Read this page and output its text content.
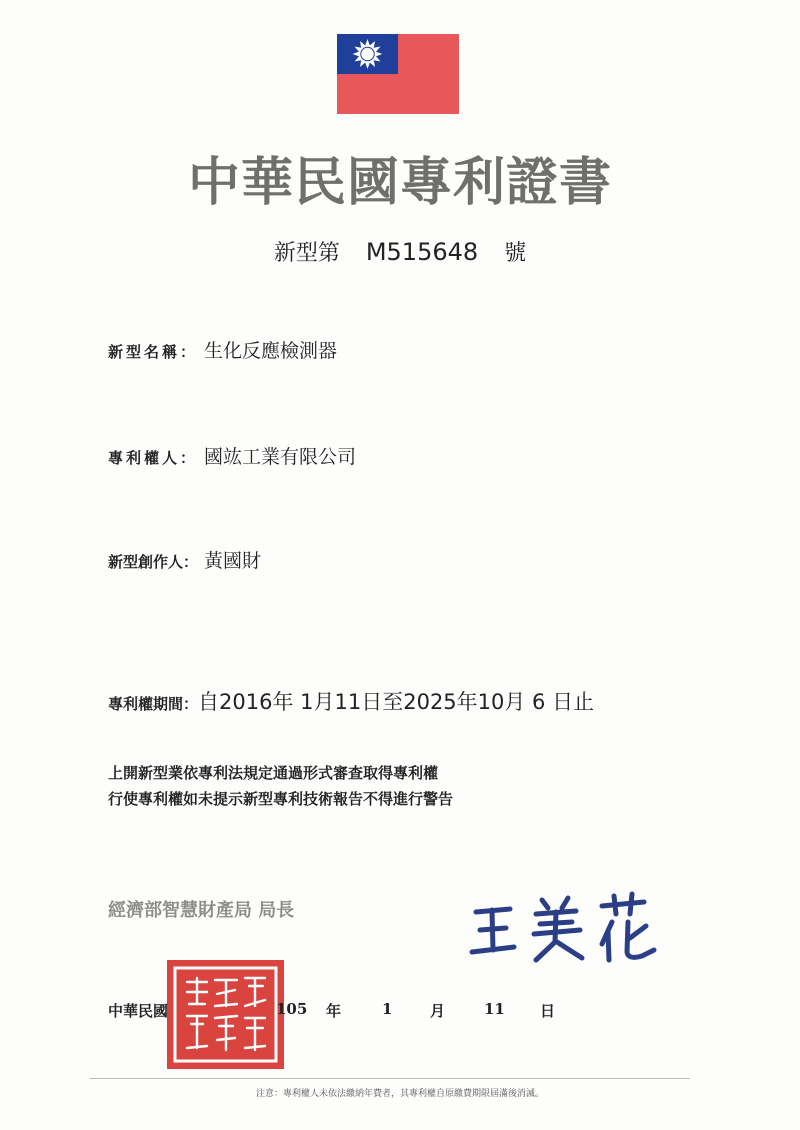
中華民國專利證書
新型第 M515648 號
新型名稱： 生化反應檢測器
專利權人： 國竑工業有限公司
新型創作人： 黃國財
專利權期間：自2016年 1月11日至2025年10月 6 日止
上開新型業依專利法規定通過形式審查取得專利權
行使專利權如未提示新型專利技術報告不得進行警告
經濟部智慧財產局 局長
中華民國	105 年	1	月	11 日
注意：專利權人未依法繳納年費者，其專利權自原繳費期限屆滿後消滅。
